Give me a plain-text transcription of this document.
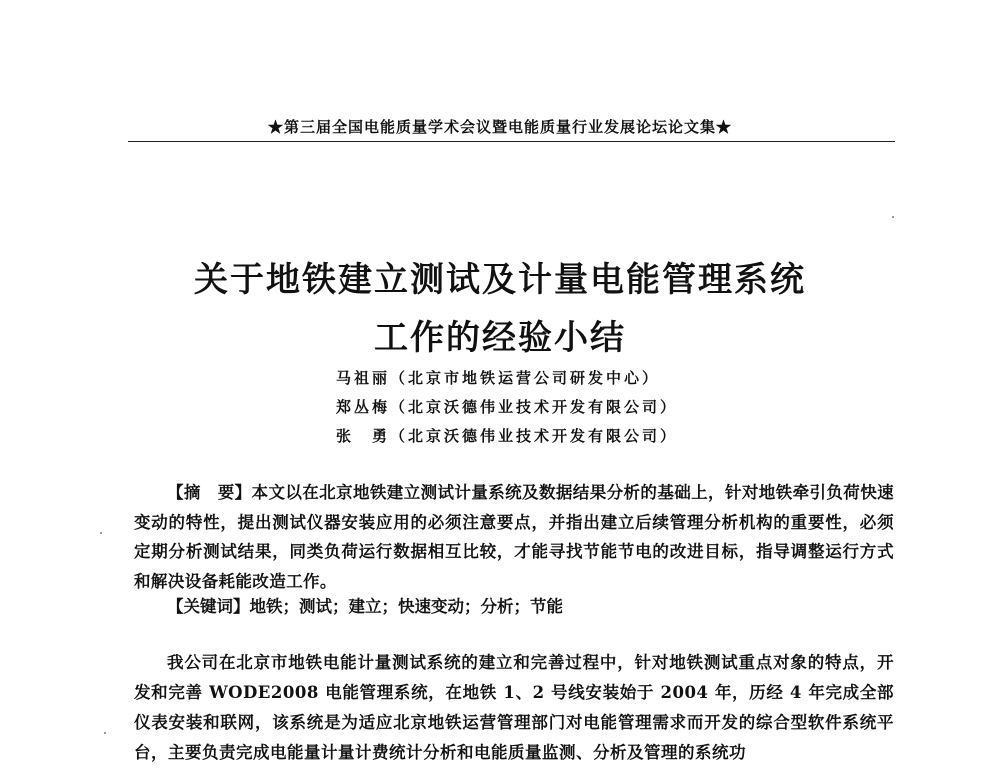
★第三届全国电能质量学术会议暨电能质量行业发展论坛论文集★
关于地铁建立测试及计量电能管理系统
工作的经验小结
马祖丽（北京市地铁运营公司研发中心）
郑丛梅（北京沃德伟业技术开发有限公司）
张　勇（北京沃德伟业技术开发有限公司）

【摘　要】本文以在北京地铁建立测试计量系统及数据结果分析的基础上，针对地铁牵引负荷快速变动的特性，提出测试仪器安装应用的必须注意要点，并指出建立后续管理分析机构的重要性，必须定期分析测试结果，同类负荷运行数据相互比较，才能寻找节能节电的改进目标，指导调整运行方式和解决设备耗能改造工作。

【关键词】地铁；测试；建立；快速变动；分析；节能

我公司在北京市地铁电能计量测试系统的建立和完善过程中，针对地铁测试重点对象的特点，开发和完善 WODE2008 电能管理系统，在地铁 1、2 号线安装始于 2004 年，历经 4 年完成全部仪表安装和联网，该系统是为适应北京地铁运营管理部门对电能管理需求而开发的综合型软件系统平台，主要负责完成电能量计量计费统计分析和电能质量监测、分析及管理的系统功
